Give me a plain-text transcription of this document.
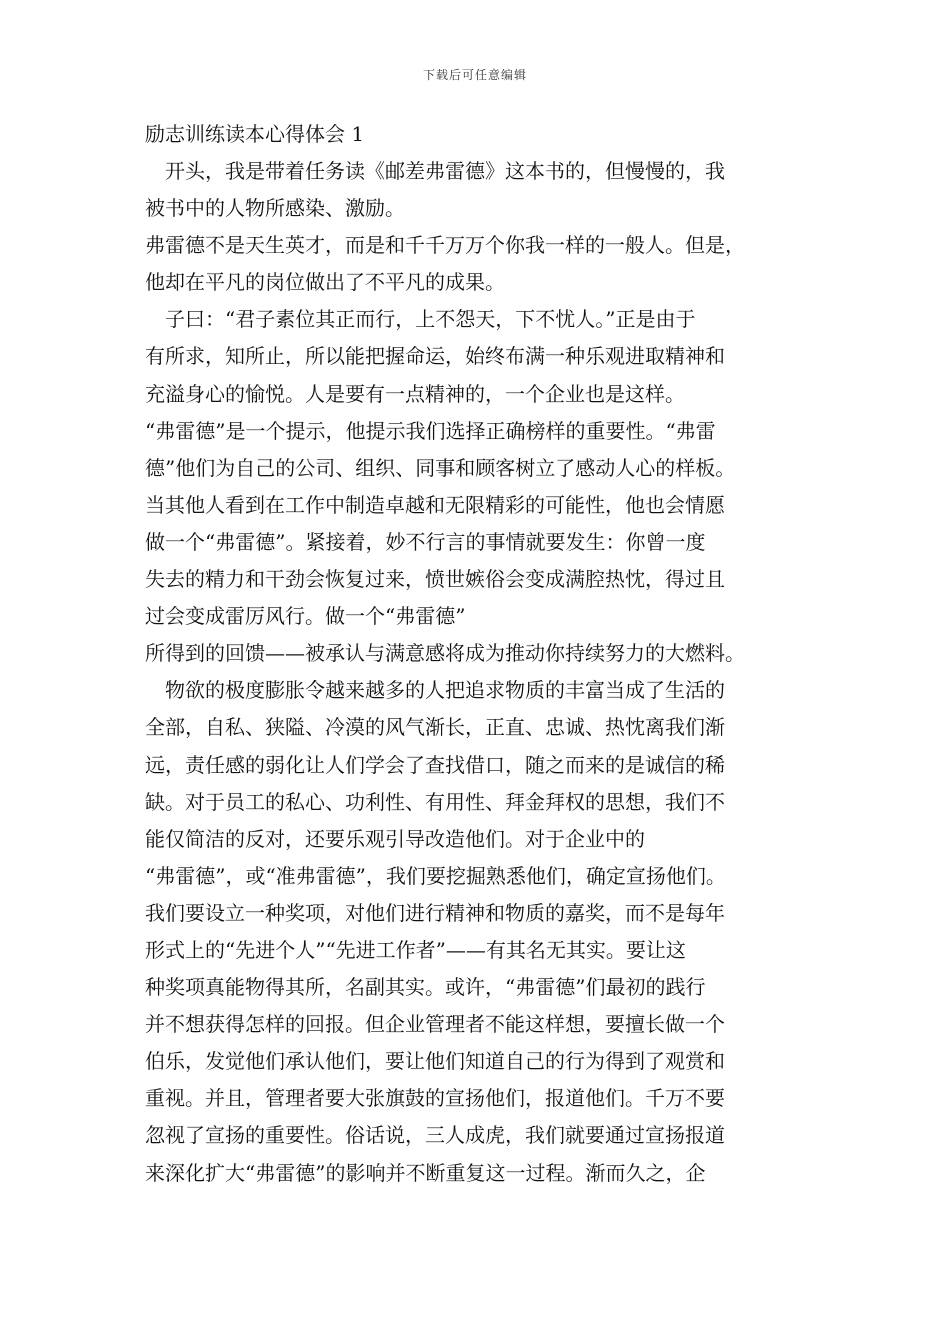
下载后可任意编辑
励志训练读本心得体会 1

开头，我是带着任务读《邮差弗雷德》这本书的，但慢慢的，我

被书中的人物所感染、激励。

弗雷德不是天生英才，而是和千千万万个你我一样的一般人。但是，

他却在平凡的岗位做出了不平凡的成果。

子曰：“君子素位其正而行，上不怨天，下不忧人。”正是由于

有所求，知所止，所以能把握命运，始终布满一种乐观进取精神和

充溢身心的愉悦。人是要有一点精神的，一个企业也是这样。

“弗雷德”是一个提示，他提示我们选择正确榜样的重要性。“弗雷

德”他们为自己的公司、组织、同事和顾客树立了感动人心的样板。

当其他人看到在工作中制造卓越和无限精彩的可能性，他也会情愿

做一个“弗雷德”。紧接着，妙不行言的事情就要发生：你曾一度

失去的精力和干劲会恢复过来，愤世嫉俗会变成满腔热忱，得过且

过会变成雷厉风行。做一个“弗雷德”

所得到的回馈——被承认与满意感将成为推动你持续努力的大燃料。

物欲的极度膨胀令越来越多的人把追求物质的丰富当成了生活的

全部，自私、狭隘、冷漠的风气渐长，正直、忠诚、热忱离我们渐

远，责任感的弱化让人们学会了查找借口，随之而来的是诚信的稀

缺。对于员工的私心、功利性、有用性、拜金拜权的思想，我们不

能仅简洁的反对，还要乐观引导改造他们。对于企业中的

“弗雷德”，或“准弗雷德”，我们要挖掘熟悉他们，确定宣扬他们。

我们要设立一种奖项，对他们进行精神和物质的嘉奖，而不是每年

形式上的“先进个人”“先进工作者”——有其名无其实。要让这

种奖项真能物得其所，名副其实。或许，“弗雷德”们最初的践行

并不想获得怎样的回报。但企业管理者不能这样想，要擅长做一个

伯乐，发觉他们承认他们，要让他们知道自己的行为得到了观赏和

重视。并且，管理者要大张旗鼓的宣扬他们，报道他们。千万不要

忽视了宣扬的重要性。俗话说，三人成虎，我们就要通过宣扬报道

来深化扩大“弗雷德”的影响并不断重复这一过程。渐而久之，企
